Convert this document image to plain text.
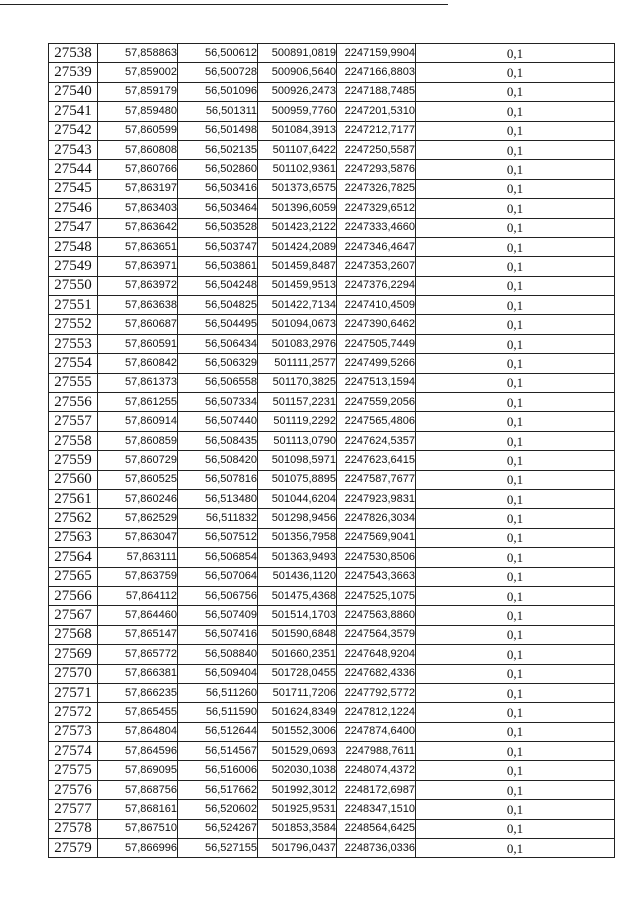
27538	57,858863	56,500612	500891,0819	2247159,9904	0,1
27539	57,859002	56,500728	500906,5640	2247166,8803	0,1
27540	57,859179	56,501096	500926,2473	2247188,7485	0,1
27541	57,859480	56,501311	500959,7760	2247201,5310	0,1
27542	57,860599	56,501498	501084,3913	2247212,7177	0,1
27543	57,860808	56,502135	501107,6422	2247250,5587	0,1
27544	57,860766	56,502860	501102,9361	2247293,5876	0,1
27545	57,863197	56,503416	501373,6575	2247326,7825	0,1
27546	57,863403	56,503464	501396,6059	2247329,6512	0,1
27547	57,863642	56,503528	501423,2122	2247333,4660	0,1
27548	57,863651	56,503747	501424,2089	2247346,4647	0,1
27549	57,863971	56,503861	501459,8487	2247353,2607	0,1
27550	57,863972	56,504248	501459,9513	2247376,2294	0,1
27551	57,863638	56,504825	501422,7134	2247410,4509	0,1
27552	57,860687	56,504495	501094,0673	2247390,6462	0,1
27553	57,860591	56,506434	501083,2976	2247505,7449	0,1
27554	57,860842	56,506329	501111,2577	2247499,5266	0,1
27555	57,861373	56,506558	501170,3825	2247513,1594	0,1
27556	57,861255	56,507334	501157,2231	2247559,2056	0,1
27557	57,860914	56,507440	501119,2292	2247565,4806	0,1
27558	57,860859	56,508435	501113,0790	2247624,5357	0,1
27559	57,860729	56,508420	501098,5971	2247623,6415	0,1
27560	57,860525	56,507816	501075,8895	2247587,7677	0,1
27561	57,860246	56,513480	501044,6204	2247923,9831	0,1
27562	57,862529	56,511832	501298,9456	2247826,3034	0,1
27563	57,863047	56,507512	501356,7958	2247569,9041	0,1
27564	57,863111	56,506854	501363,9493	2247530,8506	0,1
27565	57,863759	56,507064	501436,1120	2247543,3663	0,1
27566	57,864112	56,506756	501475,4368	2247525,1075	0,1
27567	57,864460	56,507409	501514,1703	2247563,8860	0,1
27568	57,865147	56,507416	501590,6848	2247564,3579	0,1
27569	57,865772	56,508840	501660,2351	2247648,9204	0,1
27570	57,866381	56,509404	501728,0455	2247682,4336	0,1
27571	57,866235	56,511260	501711,7206	2247792,5772	0,1
27572	57,865455	56,511590	501624,8349	2247812,1224	0,1
27573	57,864804	56,512644	501552,3006	2247874,6400	0,1
27574	57,864596	56,514567	501529,0693	2247988,7611	0,1
27575	57,869095	56,516006	502030,1038	2248074,4372	0,1
27576	57,868756	56,517662	501992,3012	2248172,6987	0,1
27577	57,868161	56,520602	501925,9531	2248347,1510	0,1
27578	57,867510	56,524267	501853,3584	2248564,6425	0,1
27579	57,866996	56,527155	501796,0437	2248736,0336	0,1
